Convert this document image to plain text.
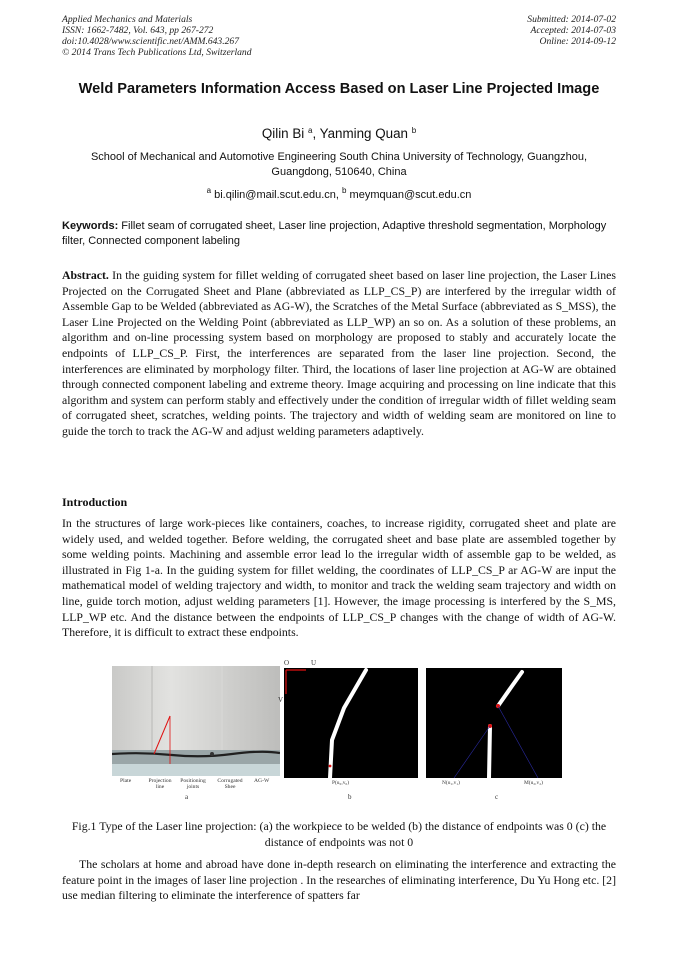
Applied Mechanics and Materials
ISSN: 1662-7482, Vol. 643, pp 267-272
doi:10.4028/www.scientific.net/AMM.643.267
© 2014 Trans Tech Publications Ltd, Switzerland
Submitted: 2014-07-02
Accepted: 2014-07-03
Online: 2014-09-12
Weld Parameters Information Access Based on Laser Line Projected Image
Qilin Bi $^a$, Yanming Quan $^b$
School of Mechanical and Automotive Engineering South China University of Technology, Guangzhou, Guangdong, 510640, China
$^a$ bi.qilin@mail.scut.edu.cn, $^b$ meymquan@scut.edu.cn
Keywords: Fillet seam of corrugated sheet, Laser line projection, Adaptive threshold segmentation, Morphology filter, Connected component labeling
Abstract. In the guiding system for fillet welding of corrugated sheet based on laser line projection, the Laser Lines Projected on the Corrugated Sheet and Plane (abbreviated as LLP_CS_P) are interfered by the irregular width of Assemble Gap to be Welded (abbreviated as AG-W), the Scratches of the Metal Surface (abbreviated as S_MSS), the Laser Line Projected on the Welding Point (abbreviated as LLP_WP) an so on. As a solution of these problems, an algorithm and on-line processing system based on morphology are proposed to stably and accurately locate the endpoints of LLP_CS_P. First, the interferences are separated from the laser line projection. Second, the interferences are eliminated by morphology filter. Third, the locations of laser line projection at AG-W are obtained through connected component labeling and extreme theory. Image acquiring and processing on line indicate that this algorithm and system can perform stably and effectively under the condition of irregular width of fillet welding seam of corrugated sheet, scratches, welding points. The trajectory and width of welding seam are monitored on line to guide the torch to track the AG-W and adjust welding parameters adaptively.
Introduction
In the structures of large work-pieces like containers, coaches, to increase rigidity, corrugated sheet and plate are widely used, and welded together. Before welding, the corrugated sheet and base plate are assembled together by some welding points. Machining and assemble error lead lo the irregular width of assemble gap to be welded, as illustrated in Fig 1-a. In the guiding system for fillet welding, the coordinates of LLP_CS_P ar AG-W are input the mathematical model of welding trajectory and width, to monitor and track the welding seam trajectory and width on line, guide torch motion, adjust welding parameters [1]. However, the image processing is interfered by the S_MS, LLP_WP etc. And the distance between the endpoints of LLP_CS_P changes with the change of width of AG-W. Therefore, it is difficult to extract these endpoints.
Plate	Projection line
Positioning joints
Corrugated Shee
AG-W
a
O	U
V
P(u₀,v₀)
b
N(u₁,v₁)	M(u₂,v₂)
c
Fig.1 Type of the Laser line projection: (a) the workpiece to be welded (b) the distance of endpoints was 0 (c) the distance of endpoints was not 0
The scholars at home and abroad have done in-depth research on eliminating the interference and extracting the feature point in the images of laser line projection . In the researches of eliminating interference, Du Yu Hong etc. [2] use median filtering to eliminate the interference of spatters far
